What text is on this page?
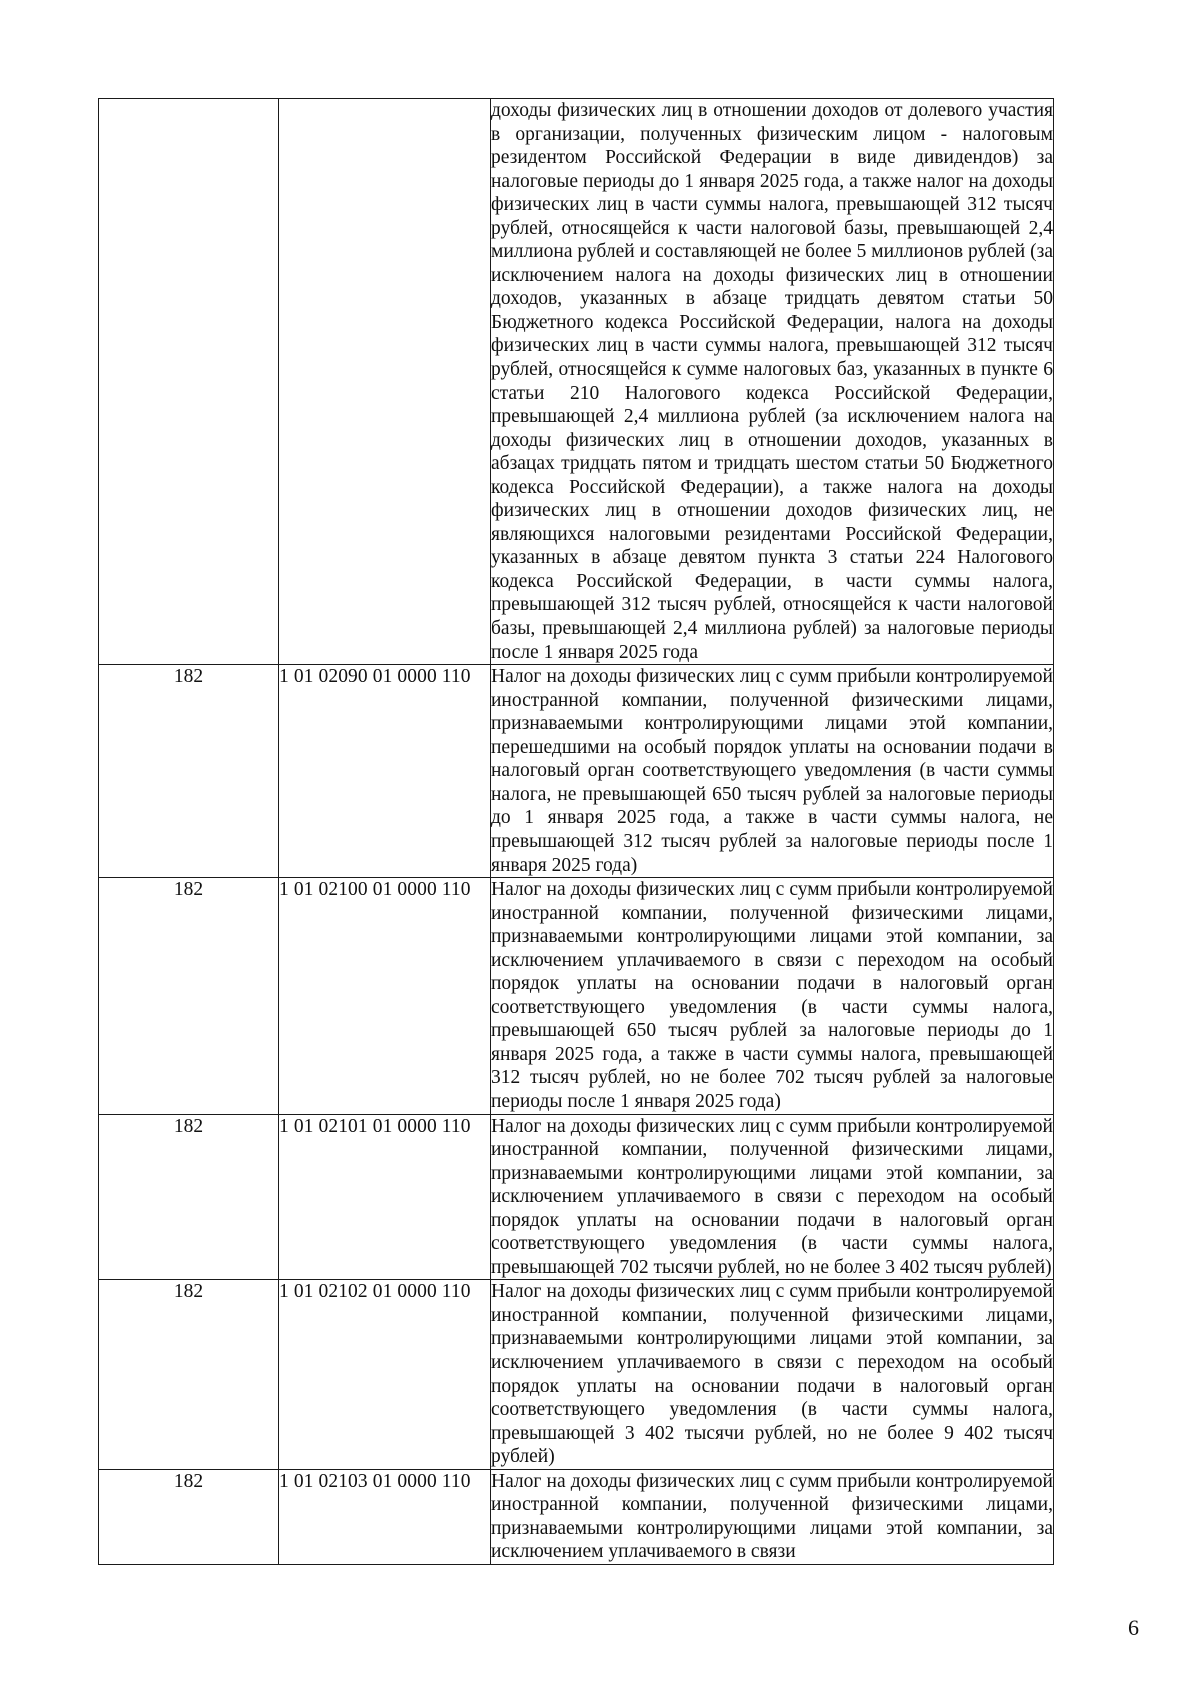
		доходы физических лиц в отношении доходов от долевого участия в организации, полученных физическим лицом - налоговым резидентом Российской Федерации в виде дивидендов) за налоговые периоды до 1 января 2025 года, а также налог на доходы физических лиц в части суммы налога, превышающей 312 тысяч рублей, относящейся к части налоговой базы, превышающей 2,4 миллиона рублей и составляющей не более 5 миллионов рублей (за исключением налога на доходы физических лиц в отношении доходов, указанных в абзаце тридцать девятом статьи 50 Бюджетного кодекса Российской Федерации, налога на доходы физических лиц в части суммы налога, превышающей 312 тысяч рублей, относящейся к сумме налоговых баз, указанных в пункте 6 статьи 210 Налогового кодекса Российской Федерации, превышающей 2,4 миллиона рублей (за исключением налога на доходы физических лиц в отношении доходов, указанных в абзацах тридцать пятом и тридцать шестом статьи 50 Бюджетного кодекса Российской Федерации), а также налога на доходы физических лиц в отношении доходов физических лиц, не являющихся налоговыми резидентами Российской Федерации, указанных в абзаце девятом пункта 3 статьи 224 Налогового кодекса Российской Федерации, в части суммы налога, превышающей 312 тысяч рублей, относящейся к части налоговой базы, превышающей 2,4 миллиона рублей) за налоговые периоды после 1 января 2025 года

182	1 01 02090 01 0000 110	Налог на доходы физических лиц с сумм прибыли контролируемой иностранной компании, полученной физическими лицами, признаваемыми контролирующими лицами этой компании, перешедшими на особый порядок уплаты на основании подачи в налоговый орган соответствующего уведомления (в части суммы налога, не превышающей 650 тысяч рублей за налоговые периоды до 1 января 2025 года, а также в части суммы налога, не превышающей 312 тысяч рублей за налоговые периоды после 1 января 2025 года)

182	1 01 02100 01 0000 110	Налог на доходы физических лиц с сумм прибыли контролируемой иностранной компании, полученной физическими лицами, признаваемыми контролирующими лицами этой компании, за исключением уплачиваемого в связи с переходом на особый порядок уплаты на основании подачи в налоговый орган соответствующего уведомления (в части суммы налога, превышающей 650 тысяч рублей за налоговые периоды до 1 января 2025 года, а также в части суммы налога, превышающей 312 тысяч рублей, но не более 702 тысяч рублей за налоговые периоды после 1 января 2025 года)

182	1 01 02101 01 0000 110	Налог на доходы физических лиц с сумм прибыли контролируемой иностранной компании, полученной физическими лицами, признаваемыми контролирующими лицами этой компании, за исключением уплачиваемого в связи с переходом на особый порядок уплаты на основании подачи в налоговый орган соответствующего уведомления (в части суммы налога, превышающей 702 тысячи рублей, но не более 3 402 тысяч рублей)

182	1 01 02102 01 0000 110	Налог на доходы физических лиц с сумм прибыли контролируемой иностранной компании, полученной физическими лицами, признаваемыми контролирующими лицами этой компании, за исключением уплачиваемого в связи с переходом на особый порядок уплаты на основании подачи в налоговый орган соответствующего уведомления (в части суммы налога, превышающей 3 402 тысячи рублей, но не более 9 402 тысяч рублей)

182	1 01 02103 01 0000 110	Налог на доходы физических лиц с сумм прибыли контролируемой иностранной компании, полученной физическими лицами, признаваемыми контролирующими лицами этой компании, за исключением уплачиваемого в связи
6
